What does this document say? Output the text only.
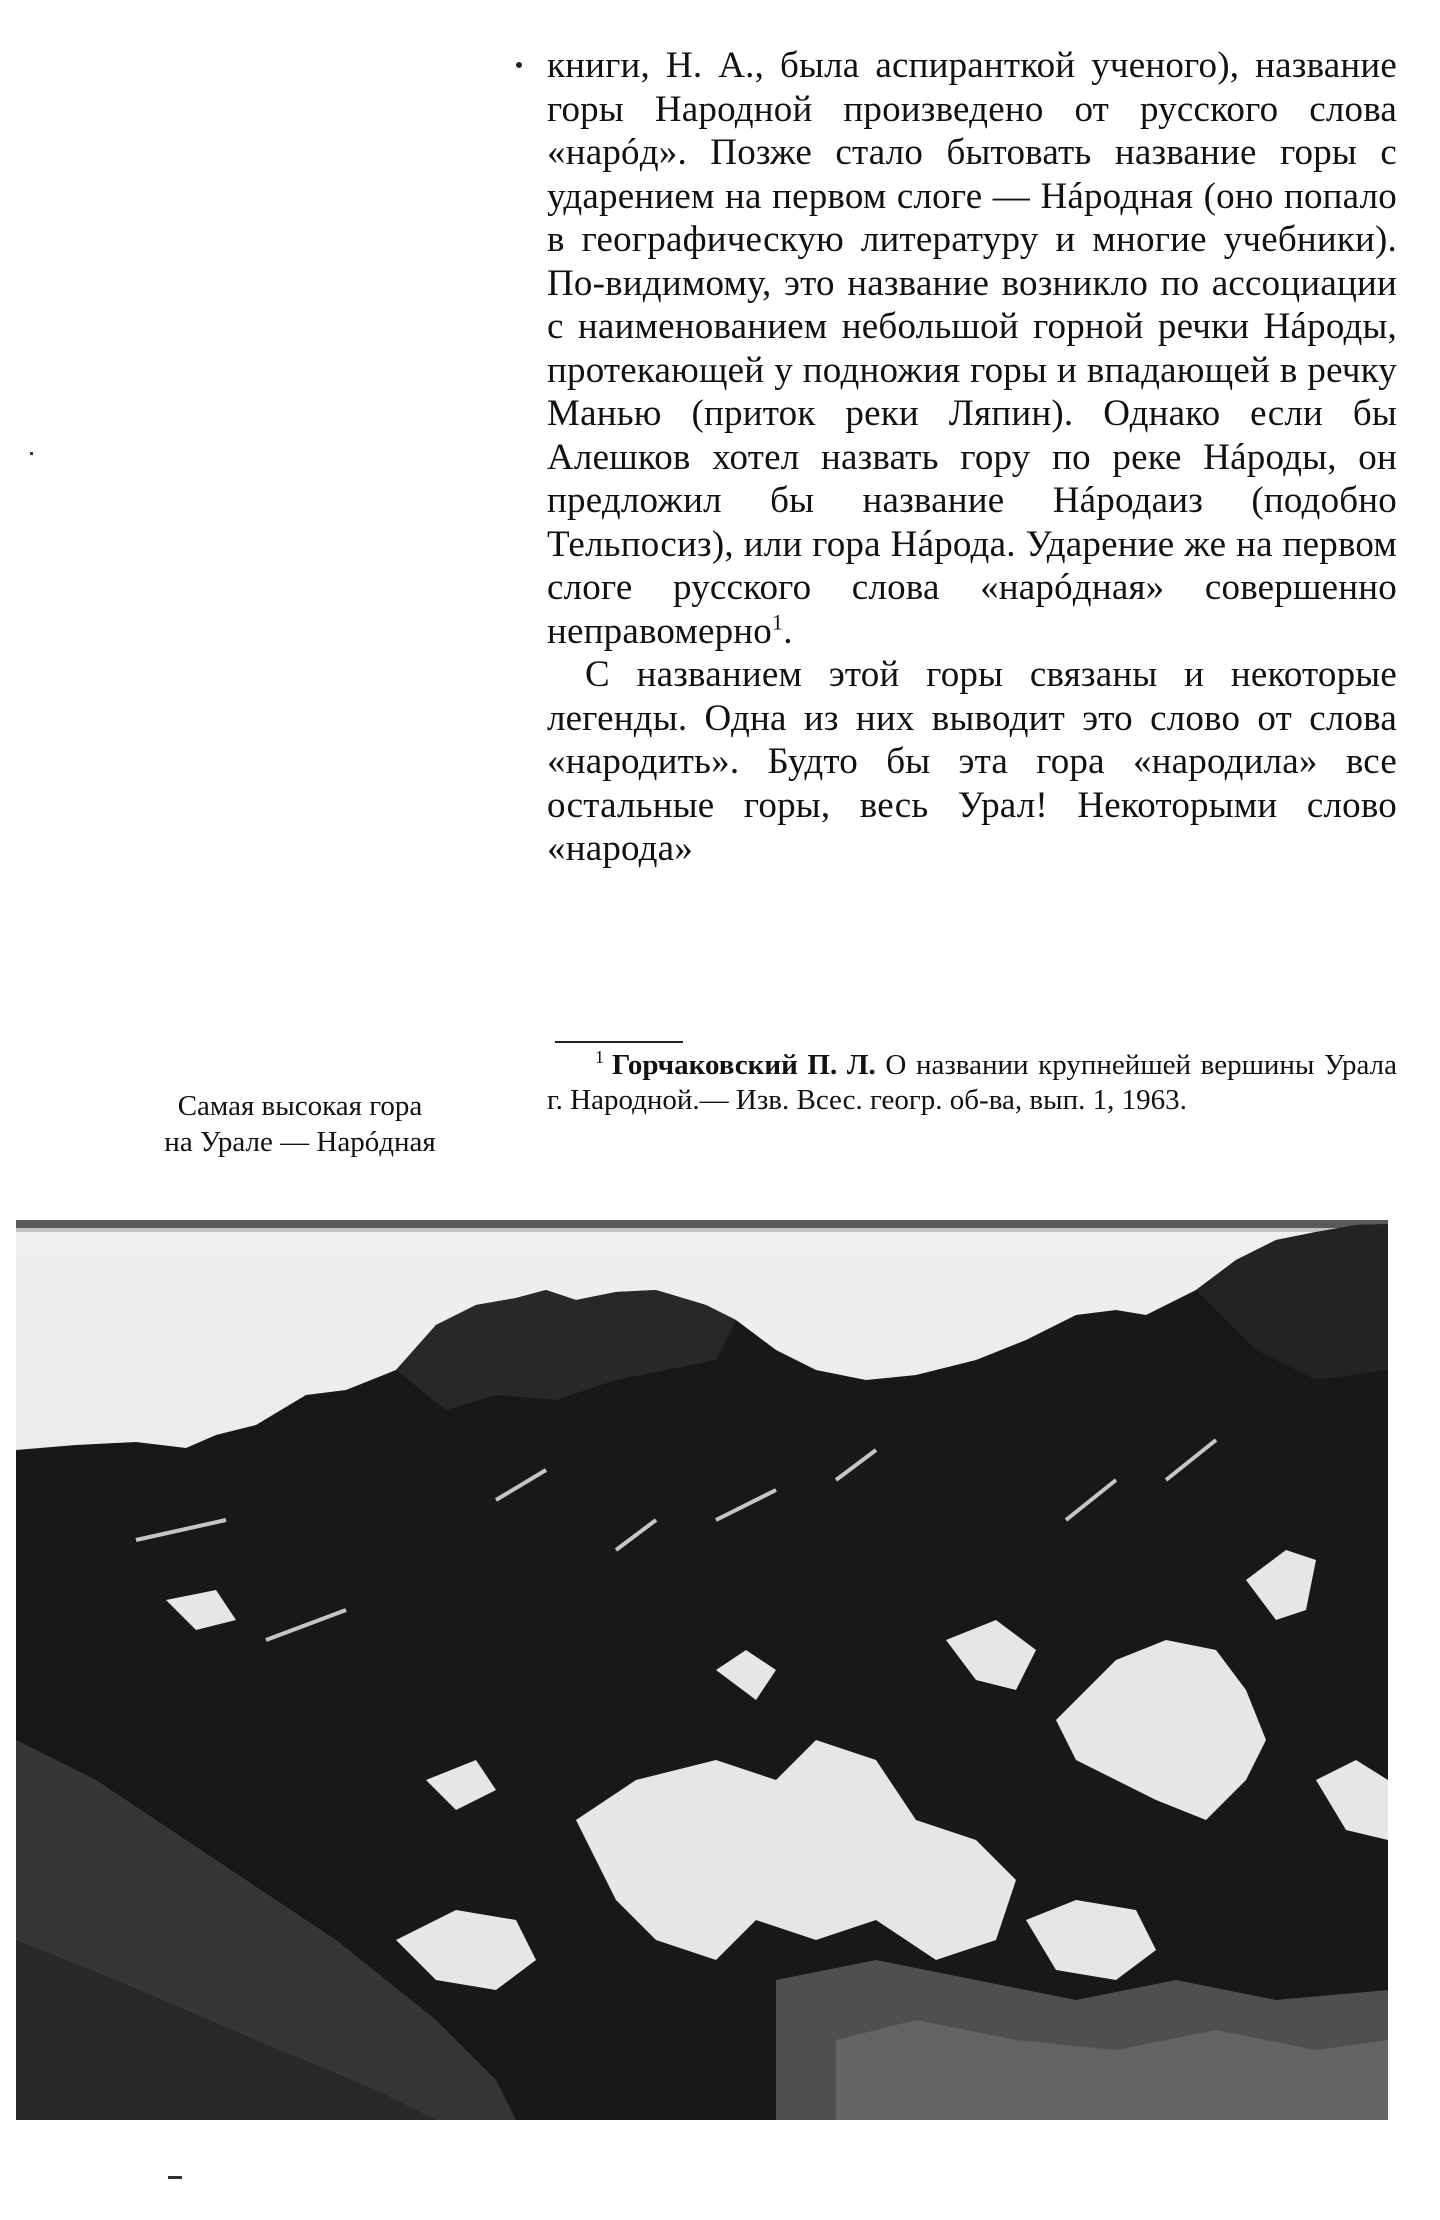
книги, Н. А., была аспиранткой ученого), название горы Народной произведено от русского слова «нарóд». Позже стало бытовать название горы с ударением на первом слоге — Нáродная (оно попало в географическую литературу и многие учебники). По-видимому, это название возникло по ассоциации с наименованием небольшой горной речки Нáроды, протекающей у подножия горы и впадающей в речку Манью (приток реки Ляпин). Однако если бы Алешков хотел назвать гору по реке Нáроды, он предложил бы название Нáродаиз (подобно Тельпосиз), или гора Нáрода. Ударение же на первом слоге русского слова «нарóдная» совершенно неправомерно$^1$.

С названием этой горы связаны и некоторые легенды. Одна из них выводит это слово от слова «народить». Будто бы эта гора «народила» все остальные горы, весь Урал! Некоторыми слово «народа»

$^1$ Горчаковский П. Л. О названии крупнейшей вершины Урала г. Народной.— Изв. Всес. геогр. об-ва, вып. 1, 1963.
Самая высокая гора
на Урале — Нарóдная
